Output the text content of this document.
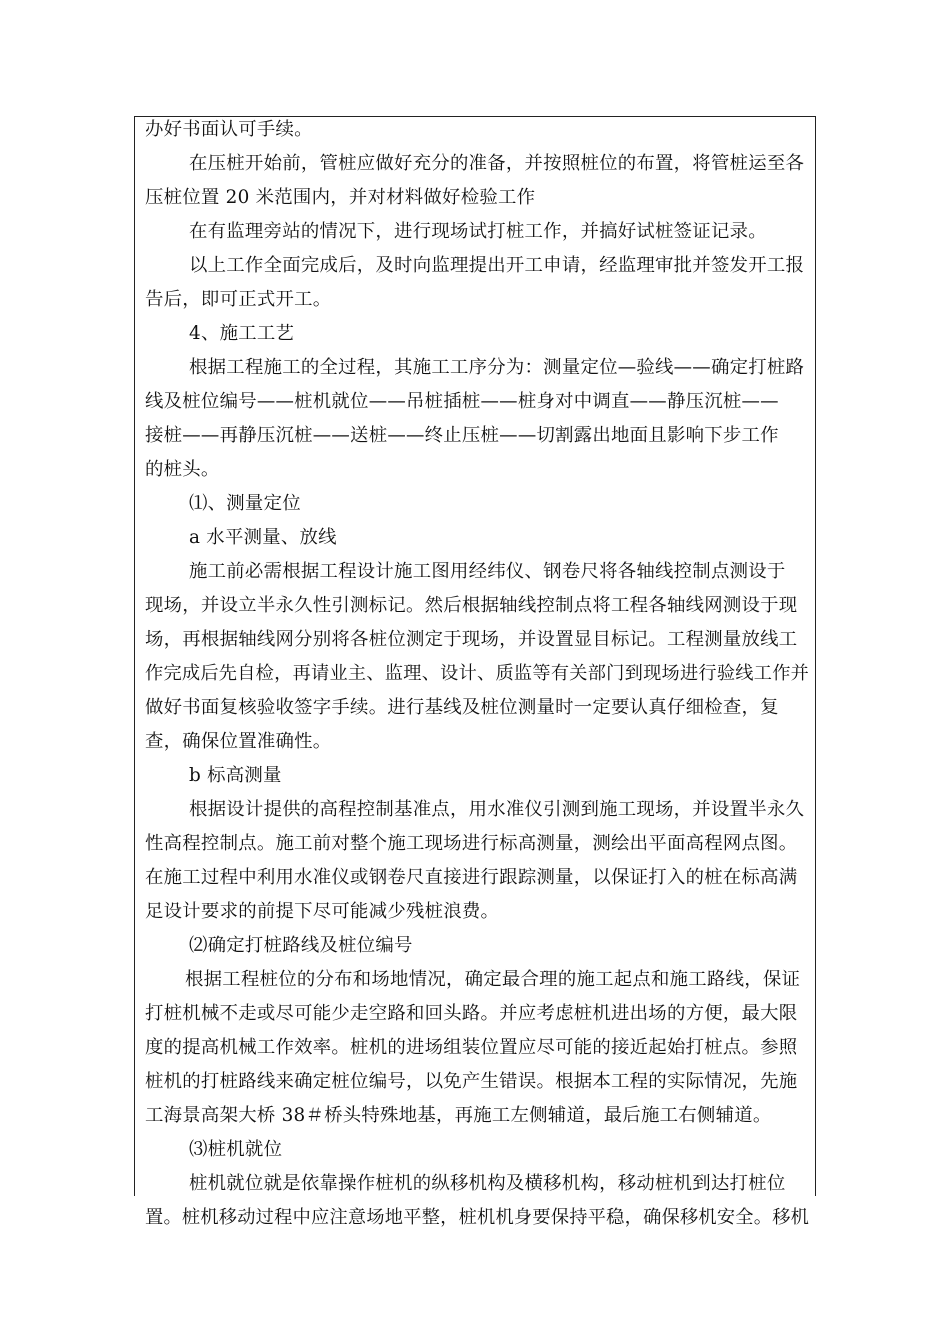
办好书面认可手续。
在压桩开始前，管桩应做好充分的准备，并按照桩位的布置，将管桩运至各
压桩位置 20 米范围内，并对材料做好检验工作
在有监理旁站的情况下，进行现场试打桩工作，并搞好试桩签证记录。
以上工作全面完成后，及时向监理提出开工申请，经监理审批并签发开工报
告后，即可正式开工。
4、施工工艺
根据工程施工的全过程，其施工工序分为：测量定位—验线——确定打桩路
线及桩位编号——桩机就位——吊桩插桩——桩身对中调直——静压沉桩——
接桩——再静压沉桩——送桩——终止压桩——切割露出地面且影响下步工作
的桩头。
⑴、测量定位
a 水平测量、放线
施工前必需根据工程设计施工图用经纬仪、钢卷尺将各轴线控制点测设于
现场，并设立半永久性引测标记。然后根据轴线控制点将工程各轴线网测设于现
场，再根据轴线网分别将各桩位测定于现场，并设置显目标记。工程测量放线工
作完成后先自检，再请业主、监理、设计、质监等有关部门到现场进行验线工作并
做好书面复核验收签字手续。进行基线及桩位测量时一定要认真仔细检查，复
查，确保位置准确性。
b 标高测量
根据设计提供的高程控制基准点，用水准仪引测到施工现场，并设置半永久
性高程控制点。施工前对整个施工现场进行标高测量，测绘出平面高程网点图。
在施工过程中利用水准仪或钢卷尺直接进行跟踪测量，以保证打入的桩在标高满
足设计要求的前提下尽可能减少残桩浪费。
⑵确定打桩路线及桩位编号
根据工程桩位的分布和场地情况，确定最合理的施工起点和施工路线，保证
打桩机械不走或尽可能少走空路和回头路。并应考虑桩机进出场的方便，最大限
度的提高机械工作效率。桩机的进场组装位置应尽可能的接近起始打桩点。参照
桩机的打桩路线来确定桩位编号，以免产生错误。根据本工程的实际情况，先施
工海景高架大桥 38＃桥头特殊地基，再施工左侧辅道，最后施工右侧辅道。
⑶桩机就位
桩机就位就是依靠操作桩机的纵移机构及横移机构，移动桩机到达打桩位
置。桩机移动过程中应注意场地平整，桩机机身要保持平稳，确保移机安全。移机
